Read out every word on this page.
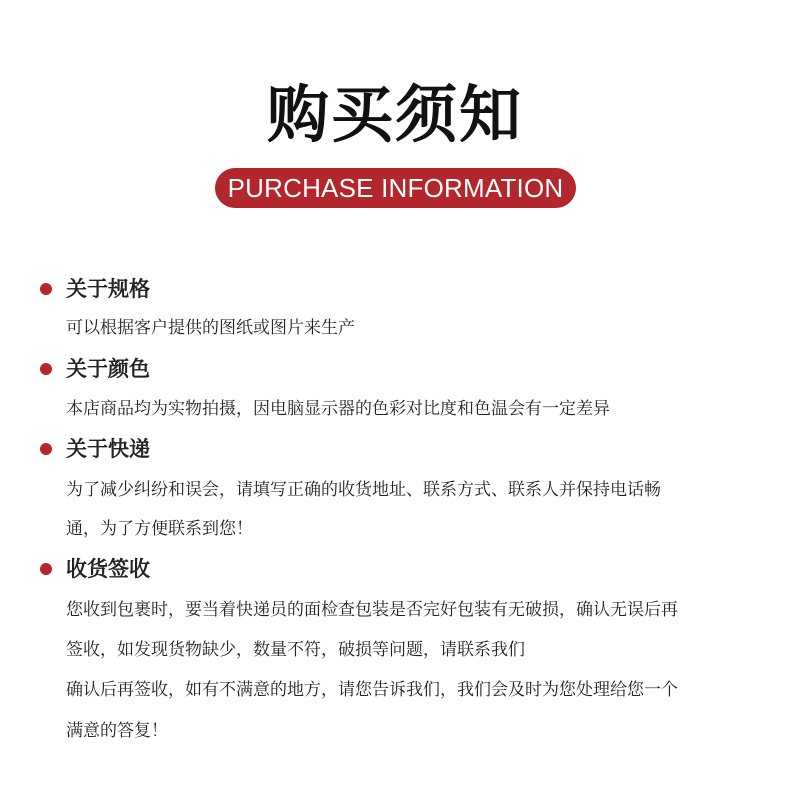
购买须知
PURCHASE INFORMATION
关于规格
可以根据客户提供的图纸或图片来生产
关于颜色
本店商品均为实物拍摄，因电脑显示器的色彩对比度和色温会有一定差异
关于快递
为了减少纠纷和误会，请填写正确的收货地址、联系方式、联系人并保持电话畅
通，为了方便联系到您！
收货签收
您收到包裹时，要当着快递员的面检查包装是否完好包装有无破损，确认无误后再
签收，如发现货物缺少，数量不符，破损等问题，请联系我们
确认后再签收，如有不满意的地方，请您告诉我们，我们会及时为您处理给您一个
满意的答复！
